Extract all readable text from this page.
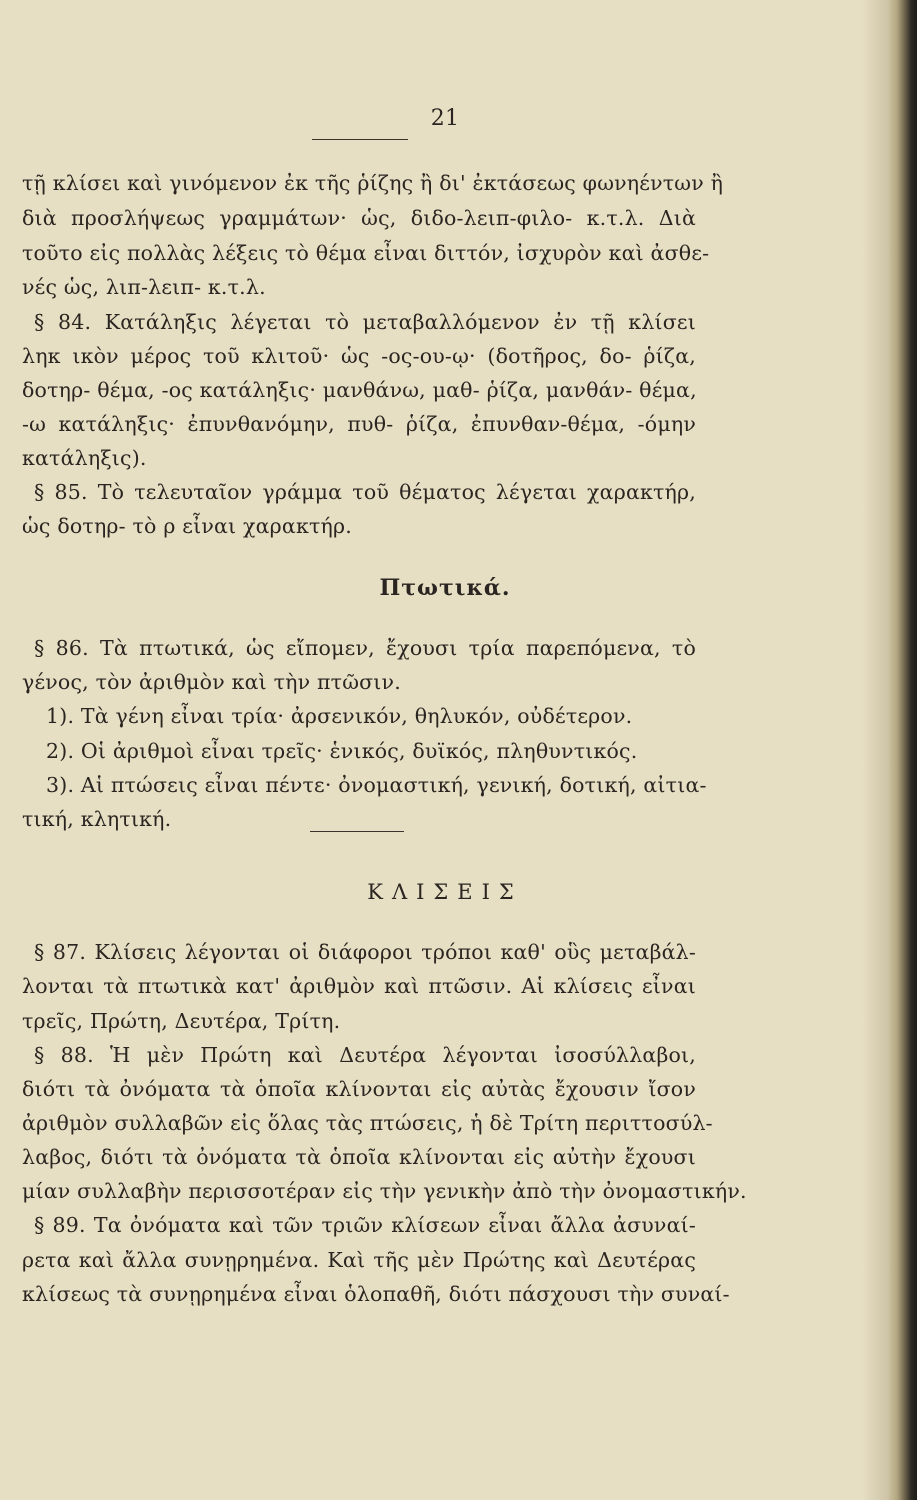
21
τῇ κλίσει καὶ γινόμενον ἐκ τῆς ῥίζης ἢ δι' ἐκτάσεως φωνηέντων ἢ
διὰ προσλήψεως γραμμάτων· ὡς, διδο-λειπ-φιλο- κ.τ.λ. Διὰ
τοῦτο εἰς πολλὰς λέξεις τὸ θέμα εἶναι διττόν, ἰσχυρὸν καὶ ἀσθε-
νές ὡς, λιπ-λειπ- κ.τ.λ.
§ 84. Κατάληξις λέγεται τὸ μεταβαλλόμενον ἐν τῇ κλίσει
ληκ ικὸν μέρος τοῦ κλιτοῦ· ὡς -ος-ου-ῳ· (δοτῆρος, δο- ῥίζα,
δοτηρ- θέμα, -ος κατάληξις· μανθάνω, μαθ- ῥίζα, μανθάν- θέμα,
-ω κατάληξις· ἐπυνθανόμην, πυθ- ῥίζα, ἐπυνθαν-θέμα, -όμην
κατάληξις).
§ 85. Τὸ τελευταῖον γράμμα τοῦ θέματος λέγεται χαρακτήρ,
ὡς δοτηρ- τὸ ρ εἶναι χαρακτήρ.
Πτωτικά.
§ 86. Τὰ πτωτικά, ὡς εἴπομεν, ἔχουσι τρία παρεπόμενα, τὸ
γένος, τὸν ἀριθμὸν καὶ τὴν πτῶσιν.
1). Τὰ γένη εἶναι τρία· ἀρσενικόν, θηλυκόν, οὐδέτερον.
2). Οἱ ἀριθμοὶ εἶναι τρεῖς· ἑνικός, δυϊκός, πληθυντικός.
3). Αἱ πτώσεις εἶναι πέντε· ὀνομαστική, γενική, δοτική, αἰτια-
τική, κλητική.
ΚΛΙΣΕΙΣ
§ 87. Κλίσεις λέγονται οἱ διάφοροι τρόποι καθ' οὓς μεταβάλ-
λονται τὰ πτωτικὰ κατ' ἀριθμὸν καὶ πτῶσιν. Αἱ κλίσεις εἶναι
τρεῖς, Πρώτη, Δευτέρα, Τρίτη.
§ 88. Ἡ μὲν Πρώτη καὶ Δευτέρα λέγονται ἰσοσύλλαβοι,
διότι τὰ ὀνόματα τὰ ὁποῖα κλίνονται εἰς αὐτὰς ἔχουσιν ἴσον
ἀριθμὸν συλλαβῶν εἰς ὅλας τὰς πτώσεις, ἡ δὲ Τρίτη περιττοσύλ-
λαβος, διότι τὰ ὀνόματα τὰ ὁποῖα κλίνονται εἰς αὐτὴν ἔχουσι
μίαν συλλαβὴν περισσοτέραν εἰς τὴν γενικὴν ἀπὸ τὴν ὀνομαστικήν.
§ 89. Τα ὀνόματα καὶ τῶν τριῶν κλίσεων εἶναι ἄλλα ἀσυναί-
ρετα καὶ ἄλλα συνῃρημένα. Καὶ τῆς μὲν Πρώτης καὶ Δευτέρας
κλίσεως τὰ συνῃρημένα εἶναι ὁλοπαθῆ, διότι πάσχουσι τὴν συναί-
